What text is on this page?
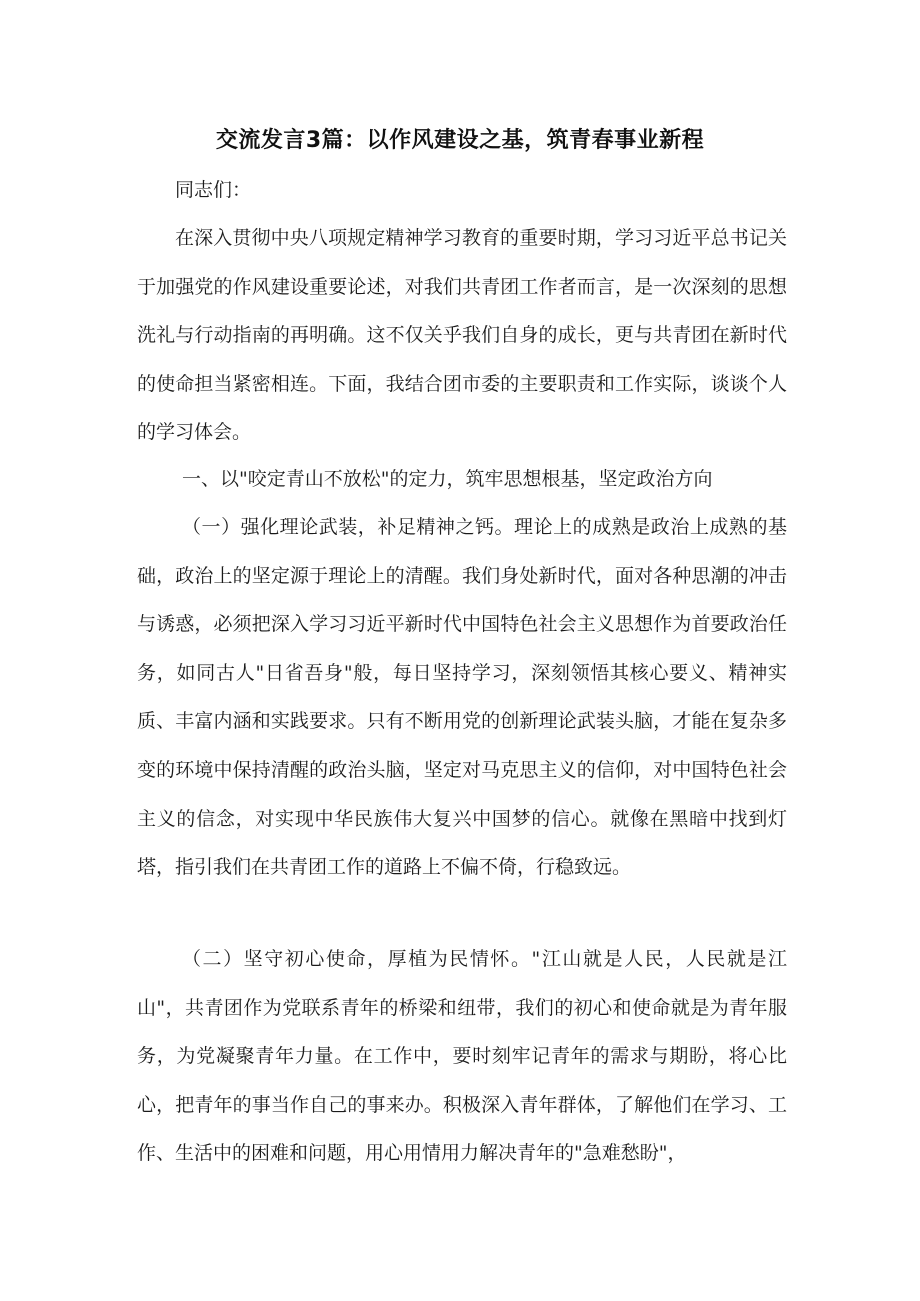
交流发言3篇：以作风建设之基，筑青春事业新程

同志们：

在深入贯彻中央八项规定精神学习教育的重要时期，学习习近平总书记关于加强党的作风建设重要论述，对我们共青团工作者而言，是一次深刻的思想洗礼与行动指南的再明确。这不仅关乎我们自身的成长，更与共青团在新时代的使命担当紧密相连。下面，我结合团市委的主要职责和工作实际，谈谈个人的学习体会。

一、以"咬定青山不放松"的定力，筑牢思想根基，坚定政治方向

（一）强化理论武装，补足精神之钙。理论上的成熟是政治上成熟的基础，政治上的坚定源于理论上的清醒。我们身处新时代，面对各种思潮的冲击与诱惑，必须把深入学习习近平新时代中国特色社会主义思想作为首要政治任务，如同古人"日省吾身"般，每日坚持学习，深刻领悟其核心要义、精神实质、丰富内涵和实践要求。只有不断用党的创新理论武装头脑，才能在复杂多变的环境中保持清醒的政治头脑，坚定对马克思主义的信仰，对中国特色社会主义的信念，对实现中华民族伟大复兴中国梦的信心。就像在黑暗中找到灯塔，指引我们在共青团工作的道路上不偏不倚，行稳致远。

（二）坚守初心使命，厚植为民情怀。"江山就是人民，人民就是江山"，共青团作为党联系青年的桥梁和纽带，我们的初心和使命就是为青年服务，为党凝聚青年力量。在工作中，要时刻牢记青年的需求与期盼，将心比心，把青年的事当作自己的事来办。积极深入青年群体，了解他们在学习、工作、生活中的困难和问题，用心用情用力解决青年的"急难愁盼"，
